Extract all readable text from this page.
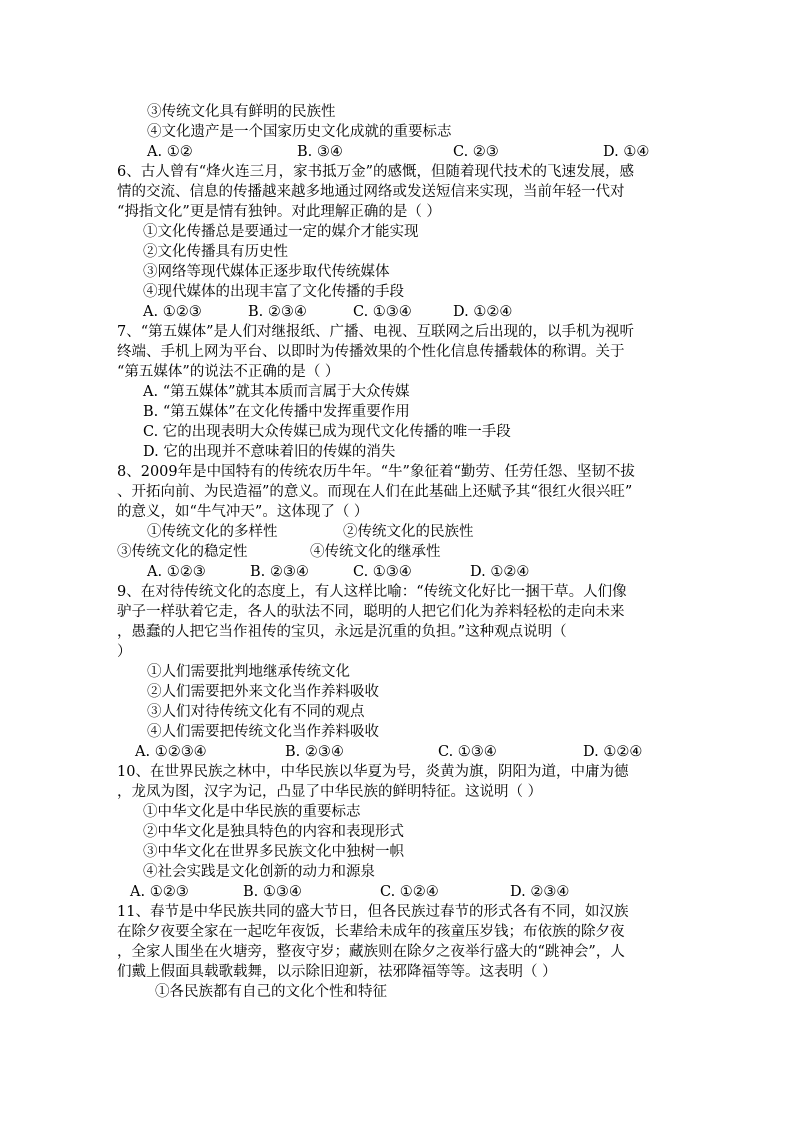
③传统文化具有鲜明的民族性
④文化遗产是一个国家历史文化成就的重要标志
A. ①②	B. ③④	C. ②③	D. ①④
6、古人曾有“烽火连三月，家书抵万金”的感慨，但随着现代技术的飞速发展，感
情的交流、信息的传播越来越多地通过网络或发送短信来实现，当前年轻一代对
“拇指文化”更是情有独钟。对此理解正确的是（ ）
①文化传播总是要通过一定的媒介才能实现
②文化传播具有历史性
③网络等现代媒体正逐步取代传统媒体
④现代媒体的出现丰富了文化传播的手段
A. ①②③	B. ②③④	C. ①③④	D. ①②④
7、“第五媒体”是人们对继报纸、广播、电视、互联网之后出现的，以手机为视听
终端、手机上网为平台、以即时为传播效果的个性化信息传播载体的称谓。关于
“第五媒体”的说法不正确的是（ ）
A. “第五媒体”就其本质而言属于大众传媒
B. “第五媒体”在文化传播中发挥重要作用
C. 它的出现表明大众传媒已成为现代文化传播的唯一手段
D. 它的出现并不意味着旧的传媒的消失
8、2009年是中国特有的传统农历牛年。“牛”象征着“勤劳、任劳任怨、坚韧不拔
、开拓向前、为民造福”的意义。而现在人们在此基础上还赋予其“很红火很兴旺”
的意义，如“牛气冲天”。这体现了（ ）
①传统文化的多样性	②传统文化的民族性
③传统文化的稳定性	④传统文化的继承性
A. ①②③	B. ②③④	C. ①③④	D. ①②④
9、在对待传统文化的态度上，有人这样比喻：“传统文化好比一捆干草。人们像
驴子一样驮着它走，各人的驮法不同，聪明的人把它们化为养料轻松的走向未来
，愚蠢的人把它当作祖传的宝贝，永远是沉重的负担。”这种观点说明（
）
①人们需要批判地继承传统文化
②人们需要把外来文化当作养料吸收
③人们对待传统文化有不同的观点
④人们需要把传统文化当作养料吸收
A. ①②③④	B. ②③④	C. ①③④	D. ①②④
10、在世界民族之林中，中华民族以华夏为号，炎黄为旗，阴阳为道，中庸为德
，龙凤为图，汉字为记，凸显了中华民族的鲜明特征。这说明（ ）
①中华文化是中华民族的重要标志
②中华文化是独具特色的内容和表现形式
③中华文化在世界多民族文化中独树一帜
④社会实践是文化创新的动力和源泉
A. ①②③	B. ①③④	C. ①②④	D. ②③④
11、春节是中华民族共同的盛大节日，但各民族过春节的形式各有不同，如汉族
在除夕夜要全家在一起吃年夜饭，长辈给未成年的孩童压岁钱；布依族的除夕夜
，全家人围坐在火塘旁，整夜守岁；藏族则在除夕之夜举行盛大的“跳神会”，人
们戴上假面具载歌载舞，以示除旧迎新，祛邪降福等等。这表明（ ）
①各民族都有自己的文化个性和特征
